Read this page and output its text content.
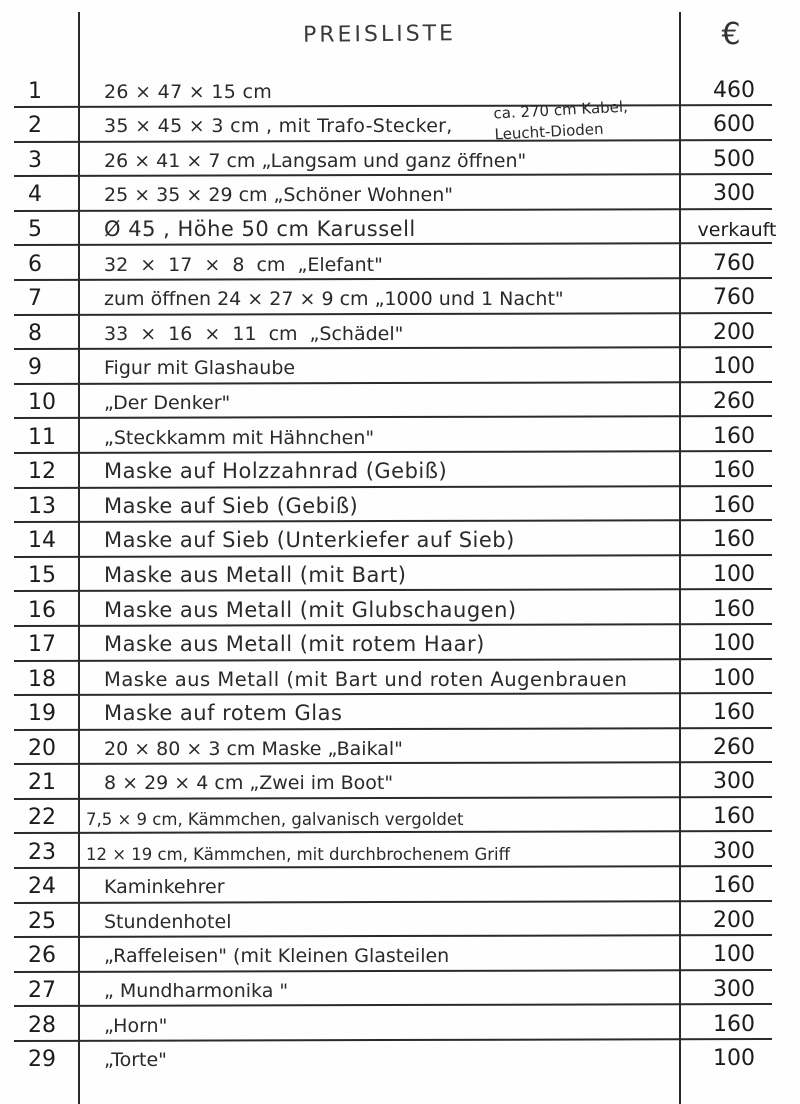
PREISLISTE	€
1	26 × 47 × 15 cm	460
2	35 × 45 × 3 cm , mit Trafo-Stecker,	600
3	26 × 41 × 7 cm „Langsam und ganz öffnen"	500
4	25 × 35 × 29 cm „Schöner Wohnen"	300
5	Ø 45 , Höhe 50 cm Karussell	verkauft
6	32 × 17 × 8 cm „Elefant"	760
7	zum öffnen 24 × 27 × 9 cm „1000 und 1 Nacht"	760
8	33 × 16 × 11 cm „Schädel"	200
9	Figur mit Glashaube	100
10	„Der Denker"	260
11	„Steckkamm mit Hähnchen"	160
12	Maske auf Holzzahnrad (Gebiß)	160
13	Maske auf Sieb (Gebiß)	160
14	Maske auf Sieb (Unterkiefer auf Sieb)	160
15	Maske aus Metall (mit Bart)	100
16	Maske aus Metall (mit Glubschaugen)	160
17	Maske aus Metall (mit rotem Haar)	100
18	Maske aus Metall (mit Bart und roten Augenbrauen	100
19	Maske auf rotem Glas	160
20	20 × 80 × 3 cm Maske „Baikal"	260
21	8 × 29 × 4 cm „Zwei im Boot"	300
22	7,5 × 9 cm, Kämmchen, galvanisch vergoldet	160
23	12 × 19 cm, Kämmchen, mit durchbrochenem Griff	300
24	Kaminkehrer	160
25	Stundenhotel	200
26	„Raffeleisen" (mit Kleinen Glasteilen	100
27	„ Mundharmonika "	300
28	„Horn"	160
29	„Torte"	100
ca. 270 cm Kabel,
Leucht-Dioden
